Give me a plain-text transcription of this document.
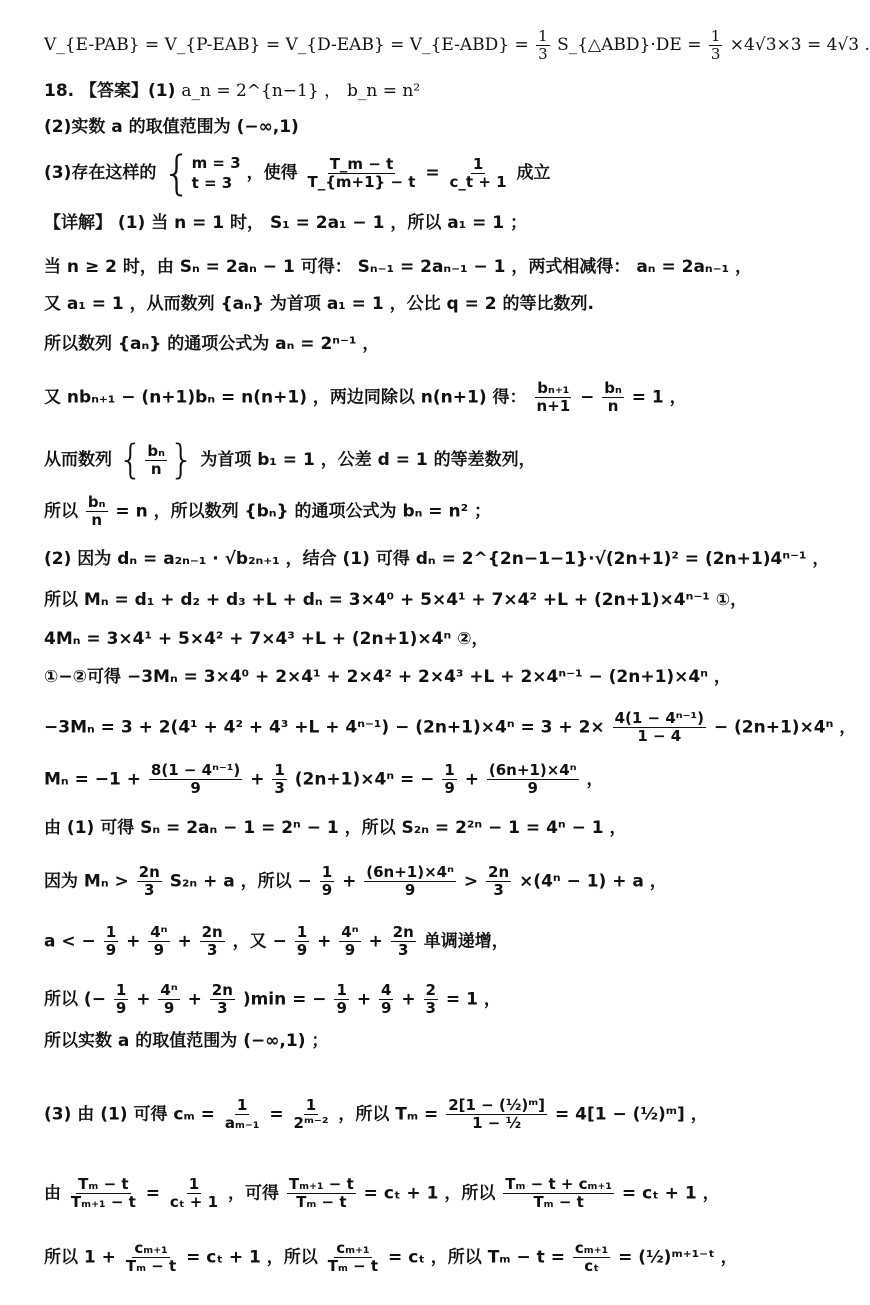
V_{E-PAB} = V_{P-EAB} = V_{D-EAB} = V_{E-ABD} = $\frac{1}{3}$ S_{△ABD}·DE = $\frac{1}{3} \times 4√3\times 3 = 4√3$ .
18. 【答案】(1) a_n = 2^{n−1} ， b_n = n²
(2)实数 a 的取值范围为 (−∞,1)
(3)存在这样的 { m = 3
t = 3 ，使得 $\frac{T\_m - t}{T\_\{m+1\} - t} = \frac{1}{c\_t + 1}$ 成立
【详解】 (1) 当 n = 1 时， S₁ = 2a₁ − 1 ，所以 a₁ = 1 ；
当 n ≥ 2 时，由 Sₙ = 2aₙ − 1 可得： Sₙ₋₁ = 2aₙ₋₁ − 1 ，两式相减得： aₙ = 2aₙ₋₁ ，
又 a₁ = 1 ，从而数列 {aₙ} 为首项 a₁ = 1 ，公比 q = 2 的等比数列.
所以数列 {aₙ} 的通项公式为 aₙ = 2ⁿ⁻¹ ，
又 nbₙ₊₁ − (n+1)bₙ = n(n+1) ，两边同除以 n(n+1) 得： $\frac{\text{bₙ₊₁}}{n+1} - \frac{\text{bₙ}}{n} = 1$ ，
从而数列 { $\frac{\text{bₙ}}{n}$ } 为首项 b₁ = 1 ，公差 d = 1 的等差数列，
所以 $\frac{\text{bₙ}}{n} = n$ ，所以数列 {bₙ} 的通项公式为 bₙ = n² ；
(2) 因为 dₙ = a₂ₙ₋₁ · √b₂ₙ₊₁ ，结合 (1) 可得 dₙ = 2^{2n−1−1}·√(2n+1)² = (2n+1)4ⁿ⁻¹ ，
所以 Mₙ = d₁ + d₂ + d₃ +L + dₙ = 3×4⁰ + 5×4¹ + 7×4² +L + (2n+1)×4ⁿ⁻¹ ①，
4Mₙ = 3×4¹ + 5×4² + 7×4³ +L + (2n+1)×4ⁿ ②，
①−②可得 −3Mₙ = 3×4⁰ + 2×4¹ + 2×4² + 2×4³ +L + 2×4ⁿ⁻¹ − (2n+1)×4ⁿ ，
$-3M_n = 3 + 2(4^1 + 4^2 + 4^3 +L + 4^{n-1}) - (2n+1)\times 4^n = 3 + 2\times \frac{\text{4(1 − 4ⁿ⁻¹)}}{1 - 4} - (2n+1)\times 4^n$ ，
$M_n = -1 + \frac{\text{8(1 − 4ⁿ⁻¹)}}{9} + \frac{1}{3} (2n+1)\times 4^n$ = − $\frac{1}{9} + \frac{\text{(6n+1)×4ⁿ}}{9}$ ，
由 (1) 可得 Sₙ = 2aₙ − 1 = 2ⁿ − 1 ，所以 S₂ₙ = 2²ⁿ − 1 = 4ⁿ − 1 ，
因为 $M_n > \frac{2n}{3} S_{2n} + a$ ，所以 − $\frac{1}{9} + \frac{\text{(6n+1)×4ⁿ}}{9} > \frac{2n}{3} \times(4^n - 1) + a$ ，
a < − $\frac{1}{9} + \frac{\text{4ⁿ}}{9} + \frac{2n}{3}$ ，又 − $\frac{1}{9} + \frac{\text{4ⁿ}}{9} + \frac{2n}{3}$ 单调递增，
所以 (− $\frac{1}{9} + \frac{\text{4ⁿ}}{9} + \frac{2n}{3} )\min$ = − $\frac{1}{9} + \frac{4}{9} + \frac{2}{3} = 1$ ，
所以实数 a 的取值范围为 (−∞,1) ；
(3) 由 (1) 可得 $c_m = \frac{1}{\text{aₘ₋₁}} = \frac{1}{\text{2ᵐ⁻²}}$ ，所以 $T_m = \frac{\text{2[1 − (½)ᵐ]}}{\text{1 − ½}} = 4[1$ − (½)ᵐ] ，
由 $\frac{\text{Tₘ − t}}{\text{Tₘ₊₁ − t}} = \frac{1}{\text{cₜ + 1}}$ ，可得 $\frac{\text{Tₘ₊₁ − t}}{\text{Tₘ − t}} = c_t + 1$ ，所以 $\frac{\text{Tₘ − t + cₘ₊₁}}{\text{Tₘ − t}} = c_t + 1$ ，
所以 $1 + \frac{\text{cₘ₊₁}}{\text{Tₘ − t}} = c_t + 1$ ，所以 $\frac{\text{cₘ₊₁}}{\text{Tₘ − t}} = c_t$ ，所以 $T_m - t = \frac{\text{cₘ₊₁}}{\text{cₜ}}$ = (½)ᵐ⁺¹⁻ᵗ ，
